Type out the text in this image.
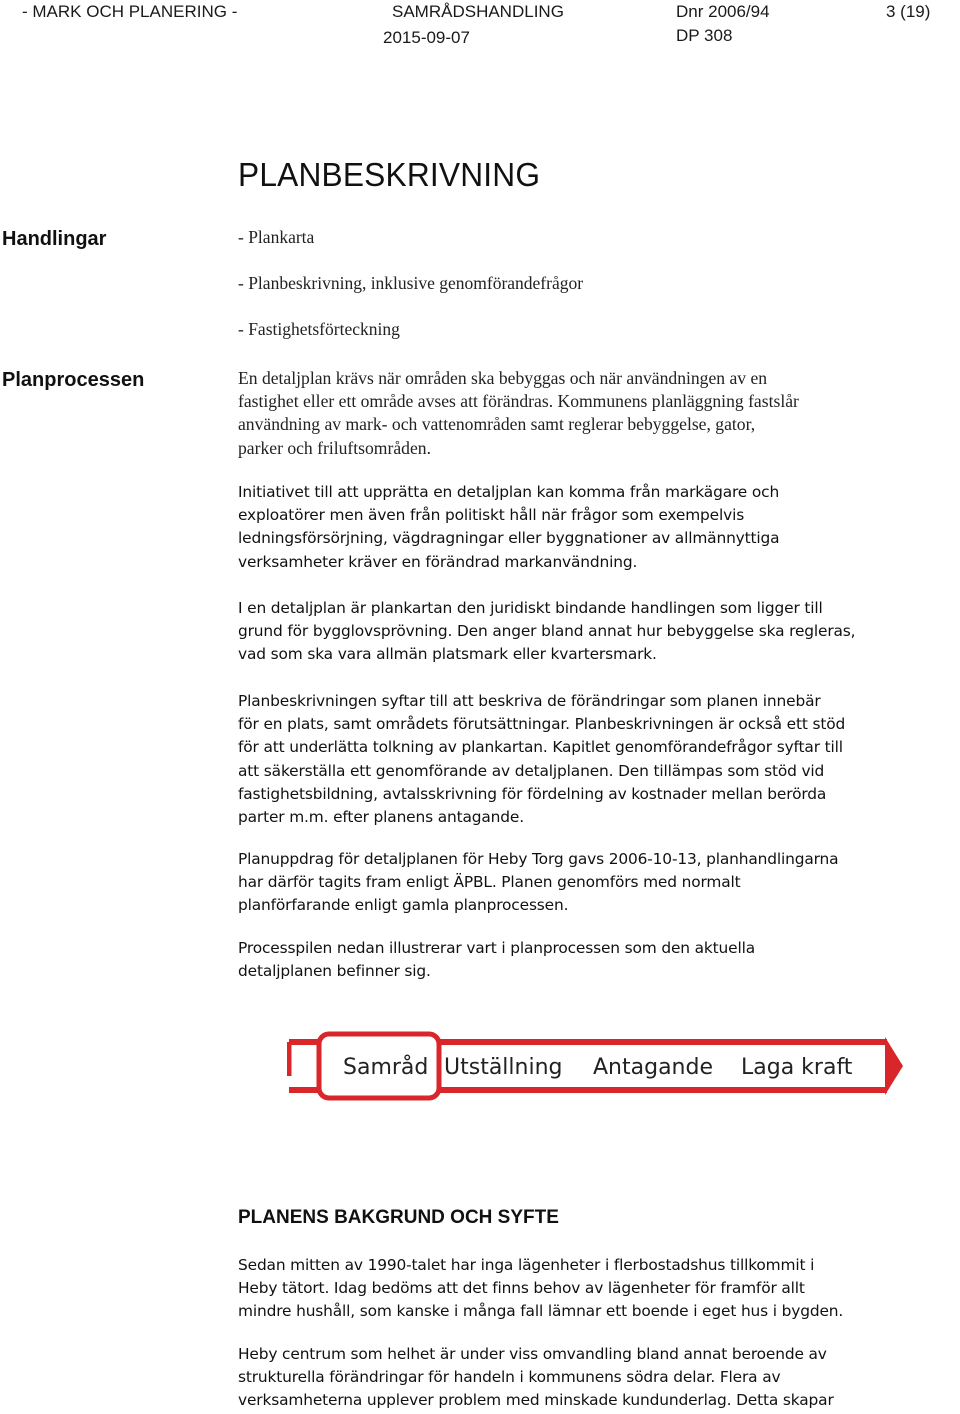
- MARK OCH PLANERING -	SAMRÅDSHANDLING
2015-09-07
Dnr 2006/94
DP 308
3 (19)
PLANBESKRIVNING
Handlingar	- Plankarta
- Planbeskrivning, inklusive genomförandefrågor
- Fastighetsförteckning
Planprocessen	En detaljplan krävs när områden ska bebyggas och när användningen av en
fastighet eller ett område avses att förändras. Kommunens planläggning fastslår
användning av mark- och vattenområden samt reglerar bebyggelse, gator,
parker och friluftsområden.

Initiativet till att upprätta en detaljplan kan komma från markägare och
exploatörer men även från politiskt håll när frågor som exempelvis
ledningsförsörjning, vägdragningar eller byggnationer av allmännyttiga
verksamheter kräver en förändrad markanvändning.

I en detaljplan är plankartan den juridiskt bindande handlingen som ligger till
grund för bygglovsprövning. Den anger bland annat hur bebyggelse ska regleras,
vad som ska vara allmän platsmark eller kvartersmark.

Planbeskrivningen syftar till att beskriva de förändringar som planen innebär
för en plats, samt områdets förutsättningar. Planbeskrivningen är också ett stöd
för att underlätta tolkning av plankartan. Kapitlet genomförandefrågor syftar till
att säkerställa ett genomförande av detaljplanen. Den tillämpas som stöd vid
fastighetsbildning, avtalsskrivning för fördelning av kostnader mellan berörda
parter m.m. efter planens antagande.

Planuppdrag för detaljplanen för Heby Torg gavs 2006-10-13, planhandlingarna
har därför tagits fram enligt ÄPBL. Planen genomförs med normalt
planförfarande enligt gamla planprocessen.

Processpilen nedan illustrerar vart i planprocessen som den aktuella
detaljplanen befinner sig.

Samråd Utställning Antagande Laga kraft
PLANENS BAKGRUND OCH SYFTE

Sedan mitten av 1990-talet har inga lägenheter i flerbostadshus tillkommit i
Heby tätort. Idag bedöms att det finns behov av lägenheter för framför allt
mindre hushåll, som kanske i många fall lämnar ett boende i eget hus i bygden.

Heby centrum som helhet är under viss omvandling bland annat beroende av
strukturella förändringar för handeln i kommunens södra delar. Flera av
verksamheterna upplever problem med minskade kundunderlag. Detta skapar
